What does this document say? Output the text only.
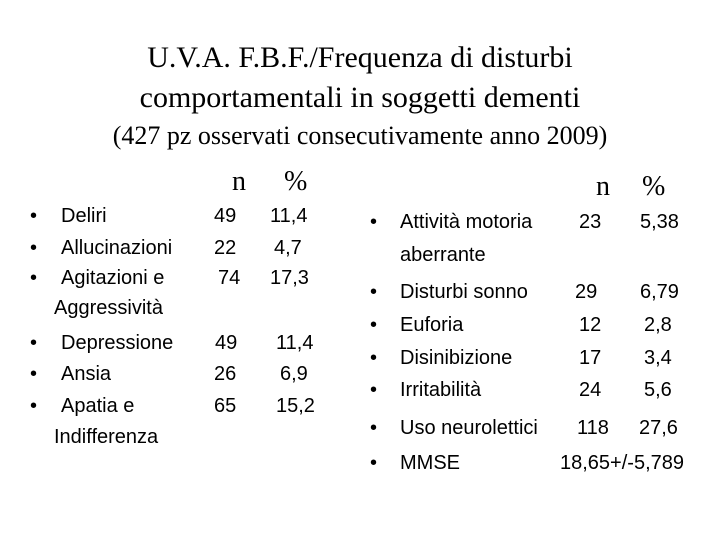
U.V.A. F.B.F./Frequenza di disturbi
comportamentali in soggetti dementi
(427 pz osservati consecutivamente anno 2009)
n %
• Deliri	49 11,4
• Allucinazioni 22 4,7
• Agitazioni e	74 17,3
Aggressività
• Depressione 49 11,4
• Ansia	26 6,9
• Apatia e	65 15,2
Indifferenza
n %
• Attività motoria 23 5,38
aberrante
• Disturbi sonno 29 6,79
• Euforia	12 2,8
• Disinibizione	17 3,4
• Irritabilità	24 5,6
• Uso neurolettici 118 27,6
• MMSE	18,65+/-5,789
